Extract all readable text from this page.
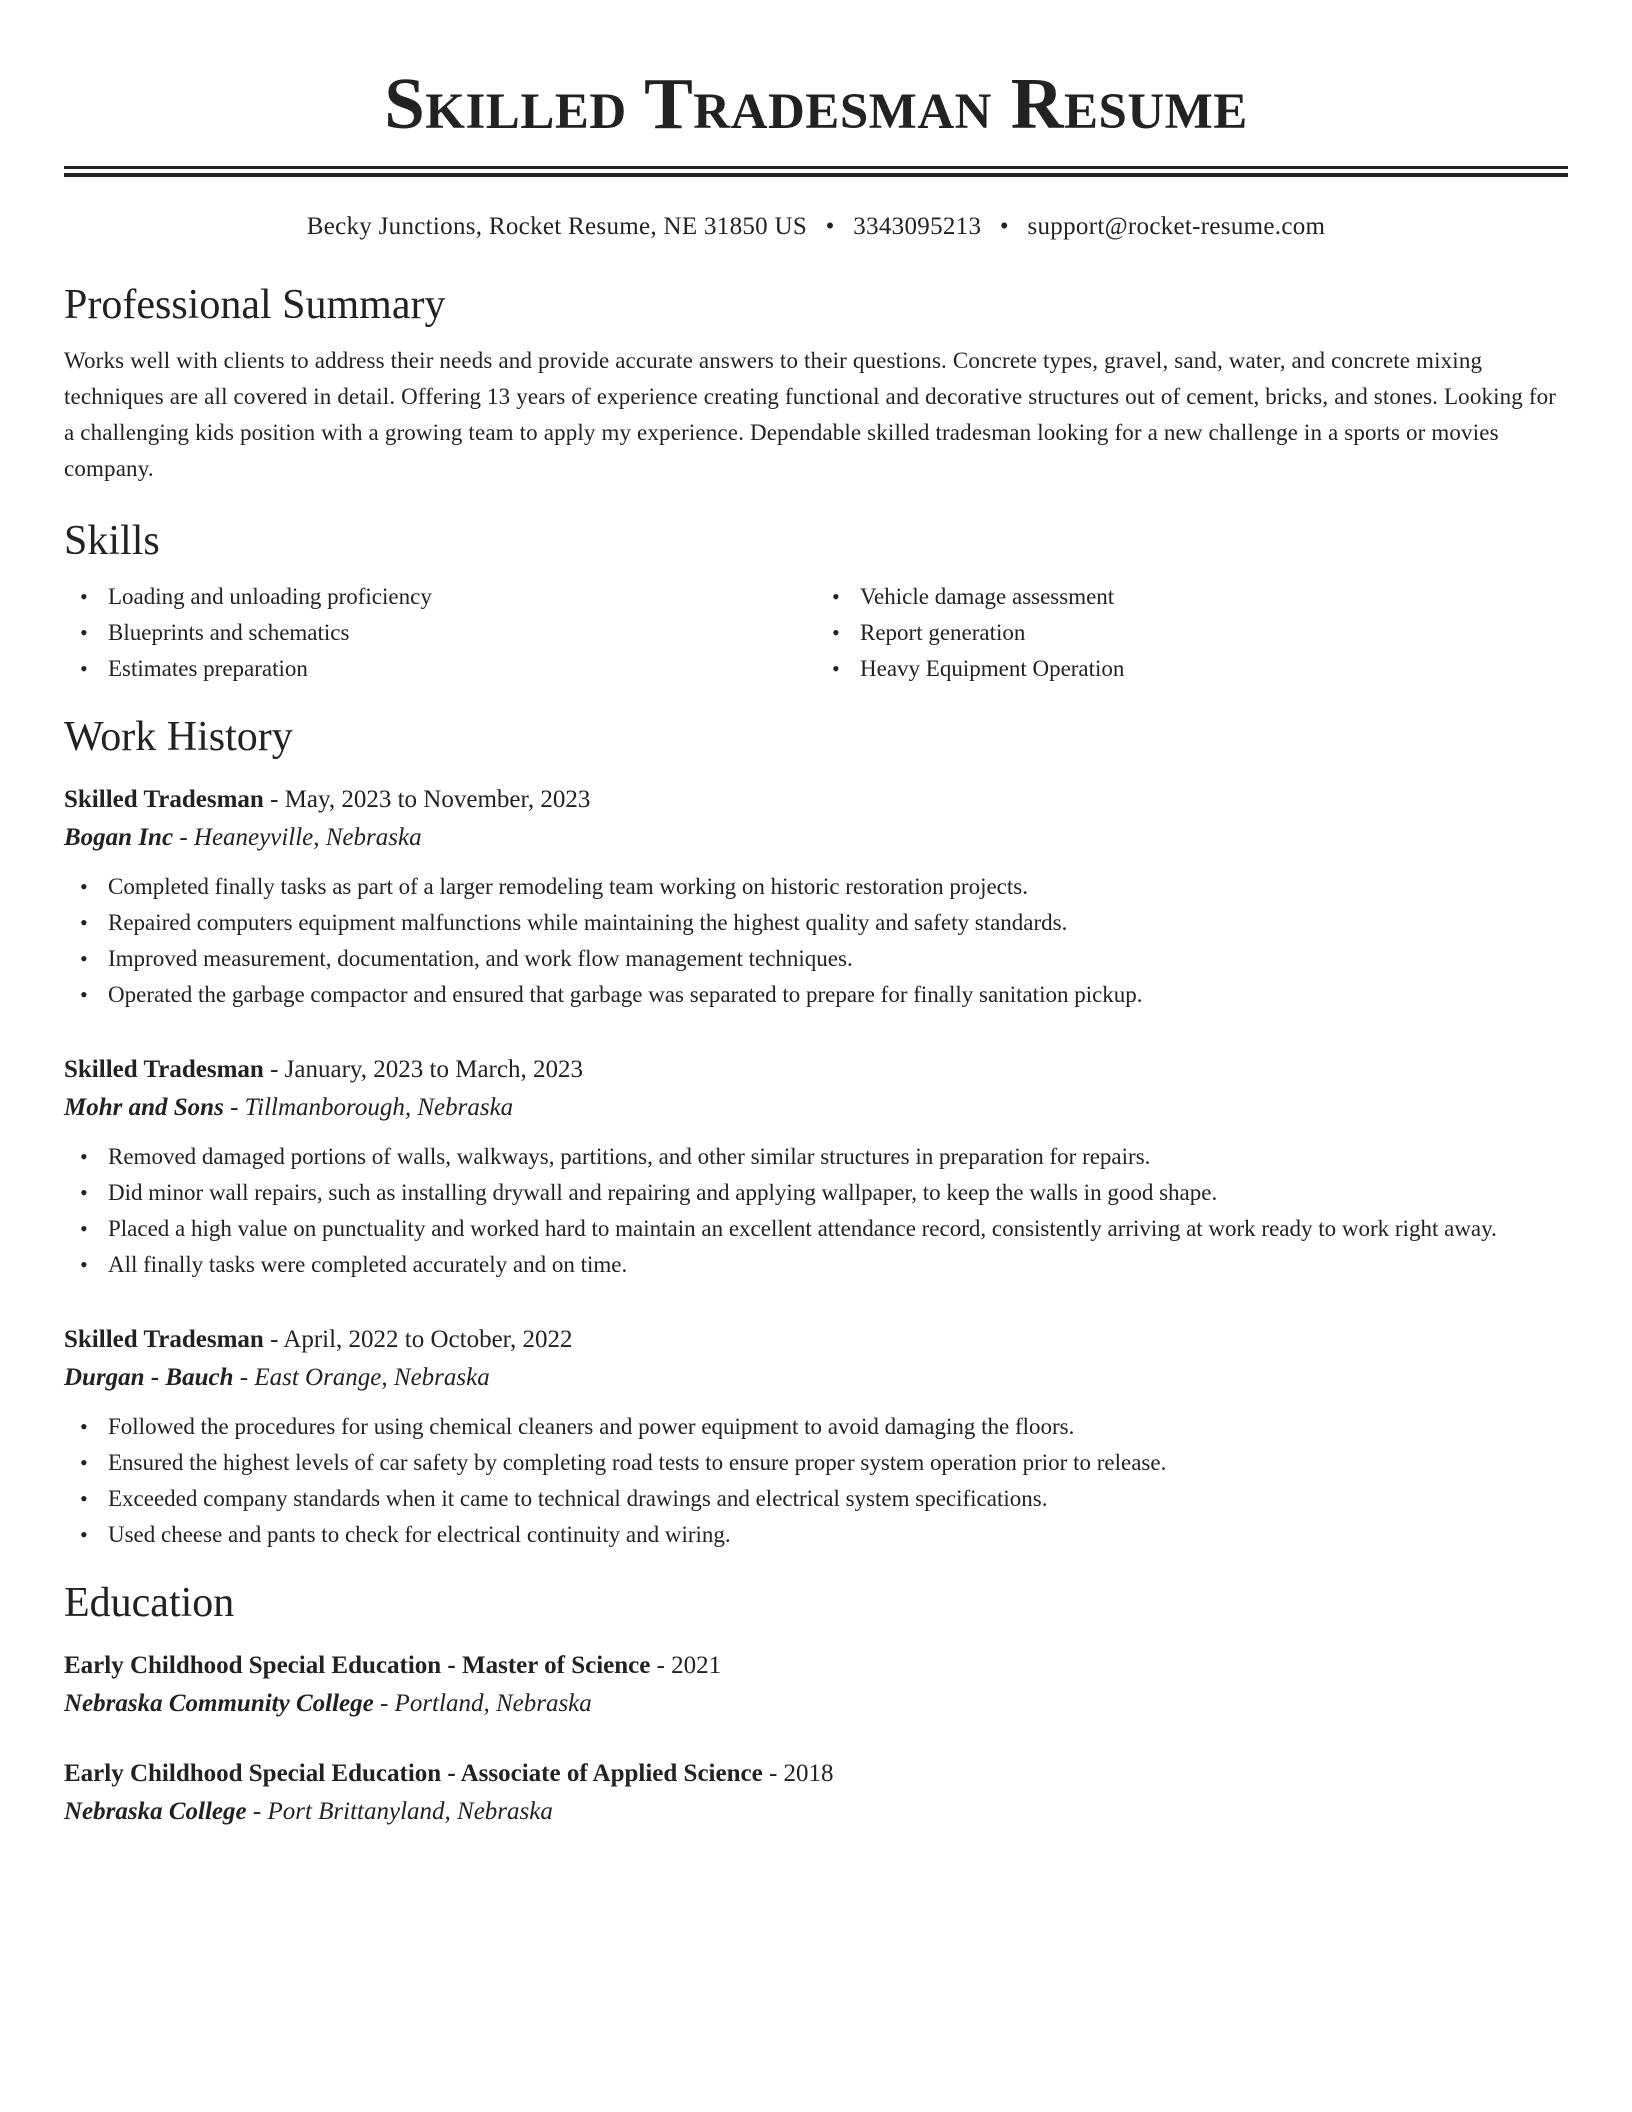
Skilled Tradesman Resume
Becky Junctions, Rocket Resume, NE 31850 US • 3343095213 • support@rocket-resume.com
Professional Summary

Works well with clients to address their needs and provide accurate answers to their questions. Concrete types, gravel, sand, water, and concrete mixing techniques are all covered in detail. Offering 13 years of experience creating functional and decorative structures out of cement, bricks, and stones. Looking for a challenging kids position with a growing team to apply my experience. Dependable skilled tradesman looking for a new challenge in a sports or movies company.

Skills
• Loading and unloading proficiency
• Blueprints and schematics
• Estimates preparation
• Vehicle damage assessment
• Report generation
• Heavy Equipment Operation
Work History
Skilled Tradesman - May, 2023 to November, 2023
Bogan Inc - Heaneyville, Nebraska
• Completed finally tasks as part of a larger remodeling team working on historic restoration projects.
• Repaired computers equipment malfunctions while maintaining the highest quality and safety standards.
• Improved measurement, documentation, and work flow management techniques.
• Operated the garbage compactor and ensured that garbage was separated to prepare for finally sanitation pickup.
Skilled Tradesman - January, 2023 to March, 2023
Mohr and Sons - Tillmanborough, Nebraska
• Removed damaged portions of walls, walkways, partitions, and other similar structures in preparation for repairs.
• Did minor wall repairs, such as installing drywall and repairing and applying wallpaper, to keep the walls in good shape.
• Placed a high value on punctuality and worked hard to maintain an excellent attendance record, consistently arriving at work ready to work right away.
• All finally tasks were completed accurately and on time.
Skilled Tradesman - April, 2022 to October, 2022
Durgan - Bauch - East Orange, Nebraska
• Followed the procedures for using chemical cleaners and power equipment to avoid damaging the floors.
• Ensured the highest levels of car safety by completing road tests to ensure proper system operation prior to release.
• Exceeded company standards when it came to technical drawings and electrical system specifications.
• Used cheese and pants to check for electrical continuity and wiring.
Education
Early Childhood Special Education - Master of Science - 2021
Nebraska Community College - Portland, Nebraska
Early Childhood Special Education - Associate of Applied Science - 2018
Nebraska College - Port Brittanyland, Nebraska
